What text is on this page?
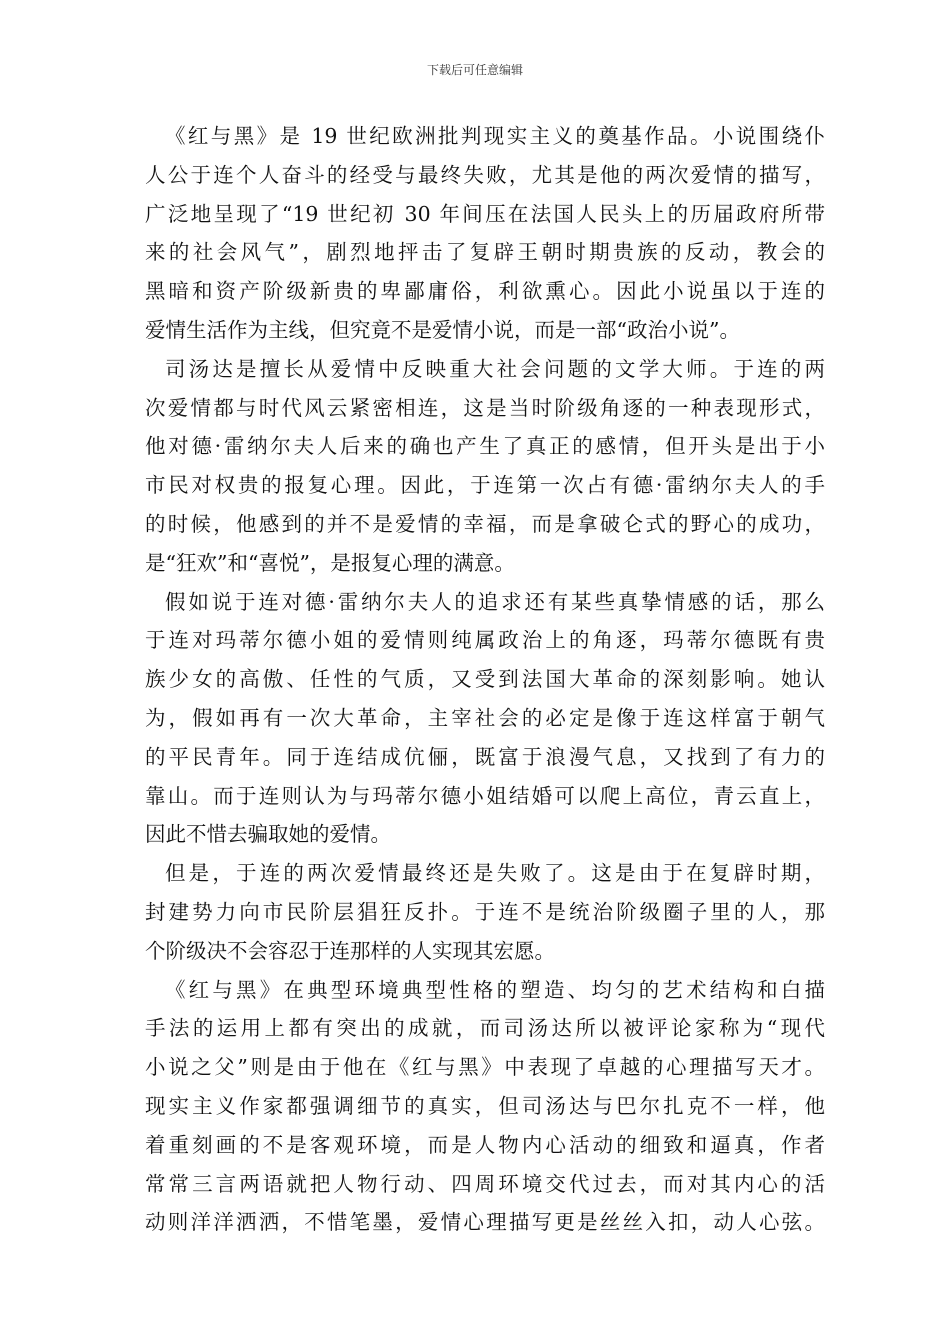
下载后可任意编辑
《红与黑》是 19 世纪欧洲批判现实主义的奠基作品。小说围绕仆
人公于连个人奋斗的经受与最终失败，尤其是他的两次爱情的描写，
广泛地呈现了“19 世纪初 30 年间压在法国人民头上的历届政府所带
来的社会风气”，剧烈地抨击了复辟王朝时期贵族的反动，教会的
黑暗和资产阶级新贵的卑鄙庸俗，利欲熏心。因此小说虽以于连的
爱情生活作为主线，但究竟不是爱情小说，而是一部“政治小说”。
司汤达是擅长从爱情中反映重大社会问题的文学大师。于连的两
次爱情都与时代风云紧密相连，这是当时阶级角逐的一种表现形式，
他对德·雷纳尔夫人后来的确也产生了真正的感情，但开头是出于小
市民对权贵的报复心理。因此，于连第一次占有德·雷纳尔夫人的手
的时候，他感到的并不是爱情的幸福，而是拿破仑式的野心的成功，
是“狂欢”和“喜悦”，是报复心理的满意。
假如说于连对德·雷纳尔夫人的追求还有某些真挚情感的话，那么
于连对玛蒂尔德小姐的爱情则纯属政治上的角逐，玛蒂尔德既有贵
族少女的高傲、任性的气质，又受到法国大革命的深刻影响。她认
为，假如再有一次大革命，主宰社会的必定是像于连这样富于朝气
的平民青年。同于连结成伉俪，既富于浪漫气息，又找到了有力的
靠山。而于连则认为与玛蒂尔德小姐结婚可以爬上高位，青云直上，
因此不惜去骗取她的爱情。
但是，于连的两次爱情最终还是失败了。这是由于在复辟时期，
封建势力向市民阶层猖狂反扑。于连不是统治阶级圈子里的人，那
个阶级决不会容忍于连那样的人实现其宏愿。
《红与黑》在典型环境典型性格的塑造、均匀的艺术结构和白描
手法的运用上都有突出的成就，而司汤达所以被评论家称为“现代
小说之父”则是由于他在《红与黑》中表现了卓越的心理描写天才。
现实主义作家都强调细节的真实，但司汤达与巴尔扎克不一样，他
着重刻画的不是客观环境，而是人物内心活动的细致和逼真，作者
常常三言两语就把人物行动、四周环境交代过去，而对其内心的活
动则洋洋洒洒，不惜笔墨，爱情心理描写更是丝丝入扣，动人心弦。
